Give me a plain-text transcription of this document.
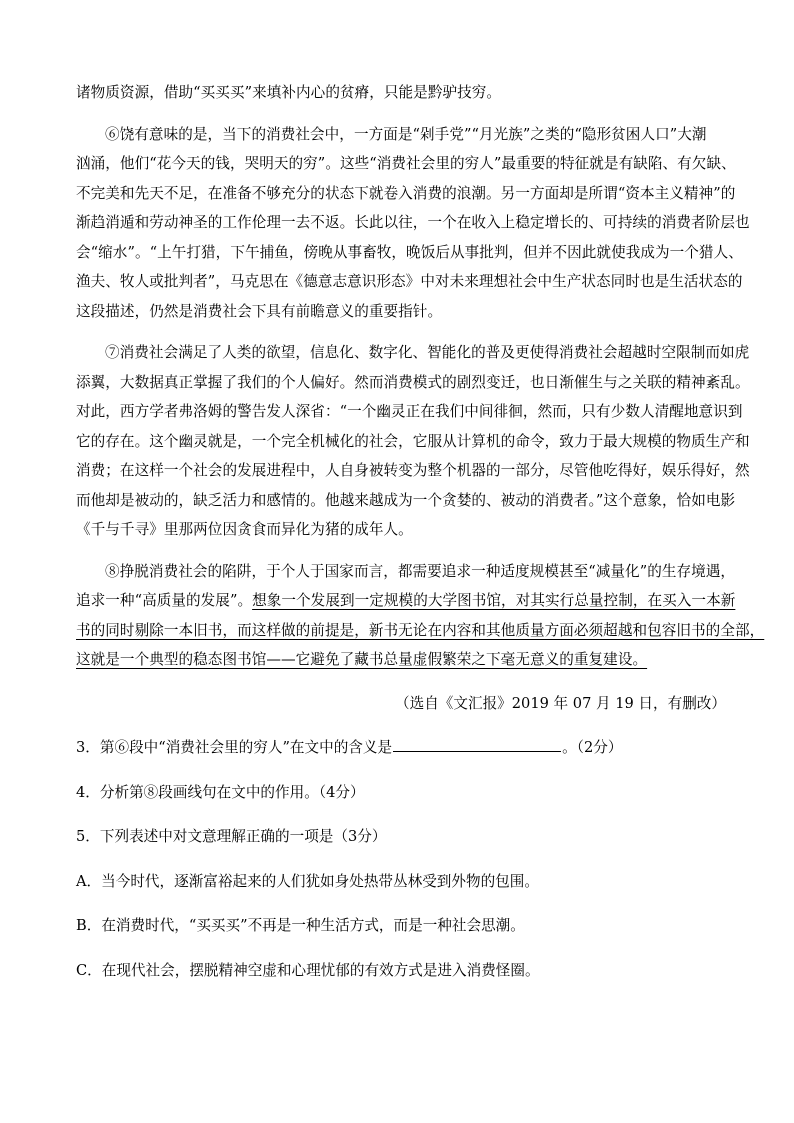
诸物质资源，借助“买买买”来填补内心的贫瘠，只能是黔驴技穷。

⑥饶有意味的是，当下的消费社会中，一方面是“剁手党”“月光族”之类的“隐形贫困人口”大潮

汹涌，他们“花今天的钱，哭明天的穷”。这些“消费社会里的穷人”最重要的特征就是有缺陷、有欠缺、

不完美和先天不足，在准备不够充分的状态下就卷入消费的浪潮。另一方面却是所谓“资本主义精神”的

渐趋消遁和劳动神圣的工作伦理一去不返。长此以往，一个在收入上稳定增长的、可持续的消费者阶层也

会“缩水”。“上午打猎，下午捕鱼，傍晚从事畜牧，晚饭后从事批判，但并不因此就使我成为一个猎人、

渔夫、牧人或批判者”，马克思在《德意志意识形态》中对未来理想社会中生产状态同时也是生活状态的

这段描述，仍然是消费社会下具有前瞻意义的重要指针。

⑦消费社会满足了人类的欲望，信息化、数字化、智能化的普及更使得消费社会超越时空限制而如虎

添翼，大数据真正掌握了我们的个人偏好。然而消费模式的剧烈变迁，也日渐催生与之关联的精神紊乱。

对此，西方学者弗洛姆的警告发人深省：“一个幽灵正在我们中间徘徊，然而，只有少数人清醒地意识到

它的存在。这个幽灵就是，一个完全机械化的社会，它服从计算机的命令，致力于最大规模的物质生产和

消费；在这样一个社会的发展进程中，人自身被转变为整个机器的一部分，尽管他吃得好，娱乐得好，然

而他却是被动的，缺乏活力和感情的。他越来越成为一个贪婪的、被动的消费者。”这个意象，恰如电影

《千与千寻》里那两位因贪食而异化为猪的成年人。

⑧挣脱消费社会的陷阱，于个人于国家而言，都需要追求一种适度规模甚至“减量化”的生存境遇，

追求一种“高质量的发展”。想象一个发展到一定规模的大学图书馆，对其实行总量控制，在买入一本新

书的同时剔除一本旧书，而这样做的前提是，新书无论在内容和其他质量方面必须超越和包容旧书的全部，

这就是一个典型的稳态图书馆——它避免了藏书总量虚假繁荣之下毫无意义的重复建设。

（选自《文汇报》2019 年 07 月 19 日，有删改）

3．第⑥段中“消费社会里的穷人”在文中的含义是	。（2分）

4．分析第⑧段画线句在文中的作用。（4分）

5．下列表述中对文意理解正确的一项是（3分）

A．当今时代，逐渐富裕起来的人们犹如身处热带丛林受到外物的包围。

B．在消费时代，“买买买”不再是一种生活方式，而是一种社会思潮。

C．在现代社会，摆脱精神空虚和心理忧郁的有效方式是进入消费怪圈。
